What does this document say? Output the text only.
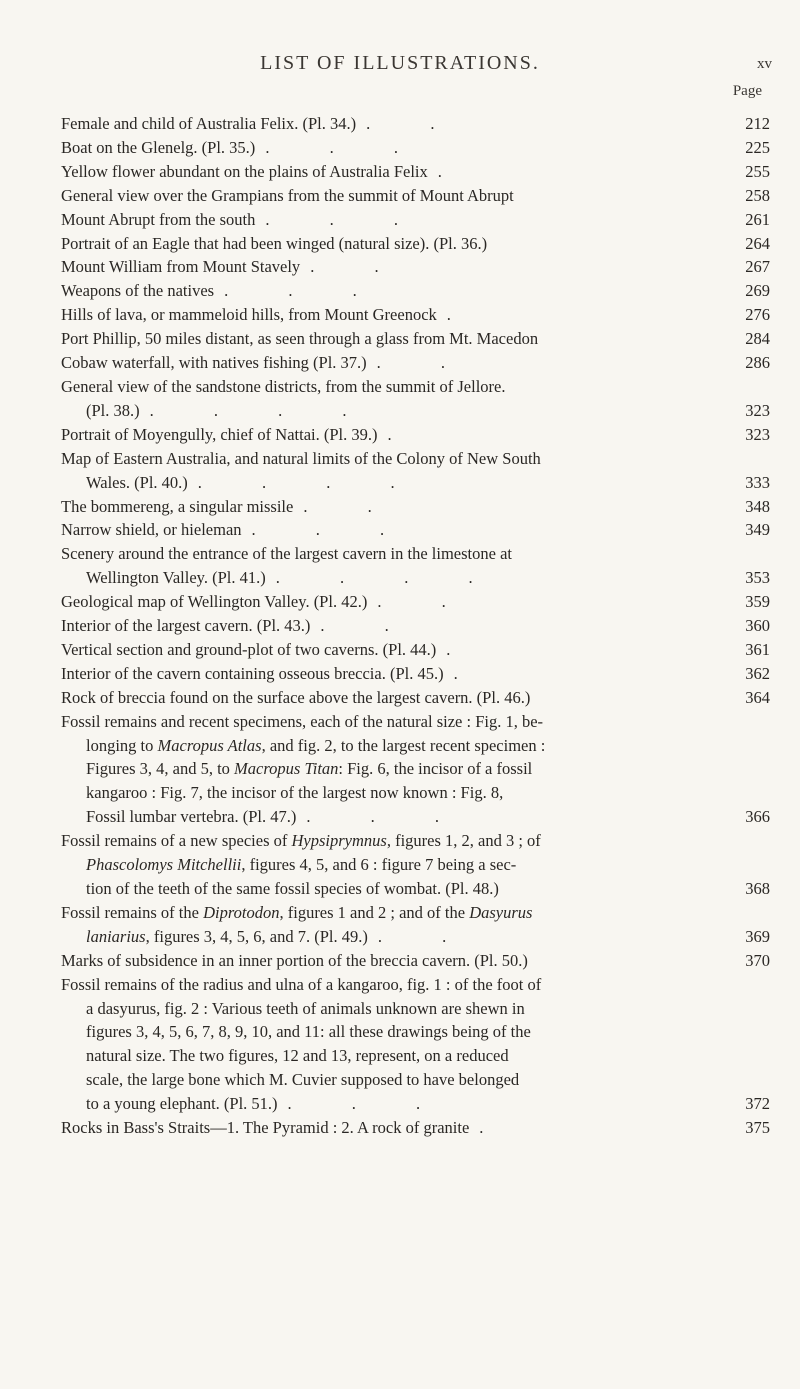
LIST OF ILLUSTRATIONS.	xv
Page
Female and child of Australia Felix. (Pl. 34.) . .	212
Boat on the Glenelg. (Pl. 35.) . . .	225
Yellow flower abundant on the plains of Australia Felix .	255
General view over the Grampians from the summit of Mount Abrupt	258
Mount Abrupt from the south . . .	261
Portrait of an Eagle that had been winged (natural size). (Pl. 36.)	264
Mount William from Mount Stavely . .	267
Weapons of the natives . . .	269
Hills of lava, or mammeloid hills, from Mount Greenock .	276
Port Phillip, 50 miles distant, as seen through a glass from Mt. Macedon	284
Cobaw waterfall, with natives fishing (Pl. 37.) . .	286
General view of the sandstone districts, from the summit of Jellore.
(Pl. 38.) . . . .	323
Portrait of Moyengully, chief of Nattai. (Pl. 39.) .	323
Map of Eastern Australia, and natural limits of the Colony of New South
Wales. (Pl. 40.) . . . .	333
The bommereng, a singular missile . .	348
Narrow shield, or hieleman . . .	349
Scenery around the entrance of the largest cavern in the limestone at
Wellington Valley. (Pl. 41.) . . . .	353
Geological map of Wellington Valley. (Pl. 42.) . .	359
Interior of the largest cavern. (Pl. 43.) . .	360
Vertical section and ground-plot of two caverns. (Pl. 44.) .	361
Interior of the cavern containing osseous breccia. (Pl. 45.) .	362
Rock of breccia found on the surface above the largest cavern. (Pl. 46.)	364
Fossil remains and recent specimens, each of the natural size : Fig. 1, be-
longing to Macropus Atlas, and fig. 2, to the largest recent specimen :
Figures 3, 4, and 5, to Macropus Titan: Fig. 6, the incisor of a fossil
kangaroo : Fig. 7, the incisor of the largest now known : Fig. 8,
Fossil lumbar vertebra. (Pl. 47.) . . .	366
Fossil remains of a new species of Hypsiprymnus, figures 1, 2, and 3 ; of
Phascolomys Mitchellii, figures 4, 5, and 6 : figure 7 being a sec-
tion of the teeth of the same fossil species of wombat. (Pl. 48.)	368
Fossil remains of the Diprotodon, figures 1 and 2 ; and of the Dasyurus
laniarius, figures 3, 4, 5, 6, and 7. (Pl. 49.) . .	369
Marks of subsidence in an inner portion of the breccia cavern. (Pl. 50.)	370
Fossil remains of the radius and ulna of a kangaroo, fig. 1 : of the foot of
a dasyurus, fig. 2 : Various teeth of animals unknown are shewn in
figures 3, 4, 5, 6, 7, 8, 9, 10, and 11: all these drawings being of the
natural size. The two figures, 12 and 13, represent, on a reduced
scale, the large bone which M. Cuvier supposed to have belonged
to a young elephant. (Pl. 51.) . . .	372
Rocks in Bass's Straits—1. The Pyramid : 2. A rock of granite .	375
